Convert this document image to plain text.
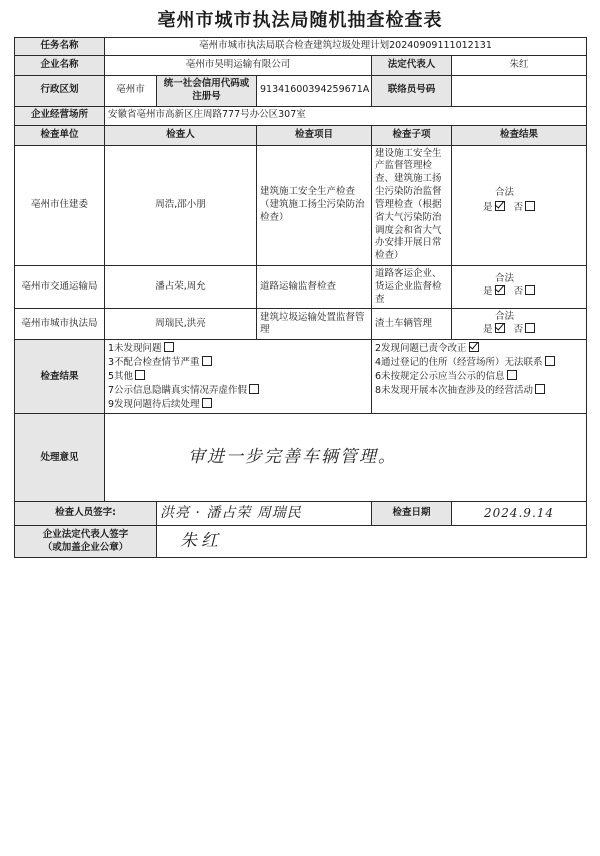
亳州市城市执法局随机抽查检查表
任务名称	亳州市城市执法局联合检查建筑垃圾处理计划20240909111012131				
企业名称	亳州市昊明运输有限公司			法定代表人	朱红
行政区划	亳州市	统一社会信用代码或注册号	91341600394259671A	联络员号码	
企业经营场所	安徽省亳州市高新区庄周路777号办公区307室				
检查单位	检查人		检查项目	检查子项	检查结果
亳州市住建委	周浩,邵小朋		建筑施工安全生产检查（建筑施工扬尘污染防治检查）	建设施工安全生产监督管理检查、建筑施工扬尘污染防治监督管理检查（根据省大气污染防治调度会和省大气办安排开展日常检查）	合法
是 否

亳州市交通运输局	潘占荣,周允		道路运输监督检查	道路客运企业、货运企业监督检查	合法
是 否

亳州市城市执法局	周瑞民,洪亮		建筑垃圾运输处置监督管理	渣土车辆管理	合法
是 否

检查结果	1未发现问题
3不配合检查情节严重
5其他
7公示信息隐瞒真实情况弄虚作假
9发现问题待后续处理			2发现问题已责令改正
4通过登记的住所（经营场所）无法联系
6未按规定公示应当公示的信息
8未发现开展本次抽查涉及的经营活动	

处理意见	审进一步完善车辆管理。				
检查人员签字:		洪亮 · 潘占荣 周瑞民		检查日期	2024.9.14

企业法定代表人签字
（或加盖企业公章）		朱红			
